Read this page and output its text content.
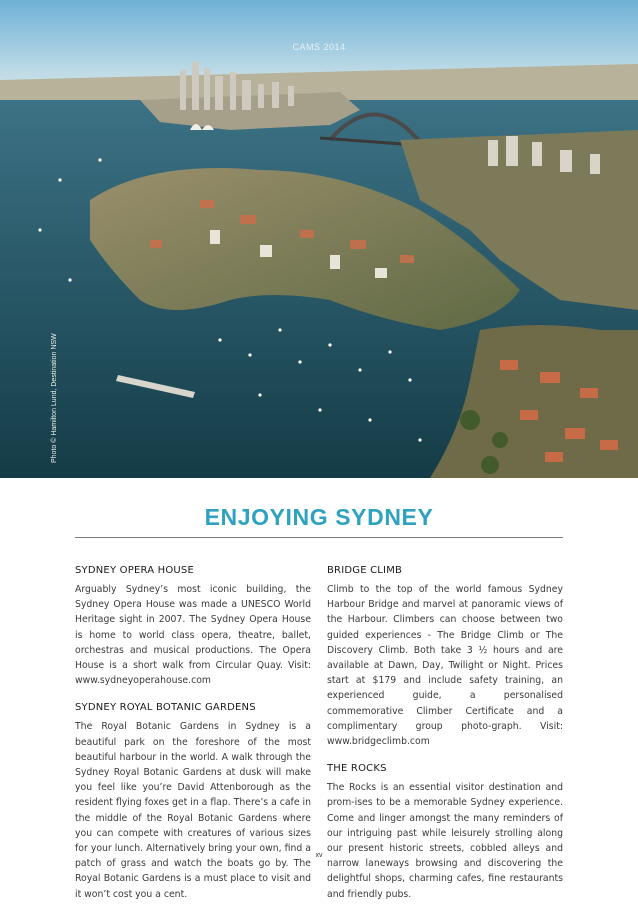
CAMS 2014
Photo © Hamilton Lund, Destination NSW
ENJOYING SYDNEY
SYDNEY OPERA HOUSE

Arguably Sydney’s most iconic building, the Sydney Opera House was made a UNESCO World Heritage sight in 2007. The Sydney Opera House is home to world class opera, theatre, ballet, orchestras and musical productions. The Opera House is a short walk from Circular Quay. Visit: www.sydneyoperahouse.com

SYDNEY ROYAL BOTANIC GARDENS

The Royal Botanic Gardens in Sydney is a beautiful park on the foreshore of the most beautiful harbour in the world. A walk through the Sydney Royal Botanic Gardens at dusk will make you feel like you’re David Attenborough as the resident flying foxes get in a flap. There’s a cafe in the middle of the Royal Botanic Gardens where you can compete with creatures of various sizes for your lunch. Alternatively bring your own, find a patch of grass and watch the boats go by. The Royal Botanic Gardens is a must place to visit and it won’t cost you a cent.

BRIDGE CLIMB

Climb to the top of the world famous Sydney Harbour Bridge and marvel at panoramic views of the Harbour. Climbers can choose between two guided experiences - The Bridge Climb or The Discovery Climb. Both take 3 ½ hours and are available at Dawn, Day, Twilight or Night. Prices start at $179 and include safety training, an experienced guide, a personalised commemorative Climber Certificate and a complimentary group photo-graph. Visit: www.bridgeclimb.com

THE ROCKS

The Rocks is an essential visitor destination and prom-ises to be a memorable Sydney experience. Come and linger amongst the many reminders of our intriguing past while leisurely strolling along our present historic streets, cobbled alleys and narrow laneways browsing and discovering the delightful shops, charming cafes, fine restaurants and friendly pubs.

xv
